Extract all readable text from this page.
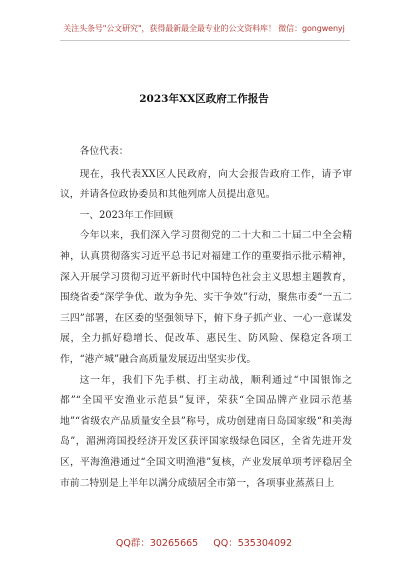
关注头条号"公文研究"，获得最新最全最专业的公文资料库！ 微信：gongwenyj
2023年XX区政府工作报告

各位代表：

现在，我代表XX区人民政府，向大会报告政府工作，请予审议，并请各位政协委员和其他列席人员提出意见。

一、2023年工作回顾

今年以来，我们深入学习贯彻党的二十大和二十届二中全会精神，认真贯彻落实习近平总书记对福建工作的重要指示批示精神，深入开展学习贯彻习近平新时代中国特色社会主义思想主题教育，围绕省委“深学争优、敢为争先、实干争效”行动，聚焦市委“一五二三四”部署，在区委的坚强领导下，俯下身子抓产业、一心一意谋发展，全力抓好稳增长、促改革、惠民生、防风险、保稳定各项工作，“港产城”融合高质量发展迈出坚实步伐。

这一年，我们下先手棋、打主动战，顺利通过“中国银饰之都”“全国平安渔业示范县”复评，荣获“全国品牌产业园示范基地”“省级农产品质量安全县”称号，成功创建南日岛国家级“和美海岛”，湄洲湾国投经济开发区获评国家级绿色园区，全省先进开发区，平海渔港通过“全国文明渔港”复核，产业发展单项考评稳居全市前二特别是上半年以满分成绩居全市第一，各项事业蒸蒸日上

QQ群：30265665 QQ：535304092
